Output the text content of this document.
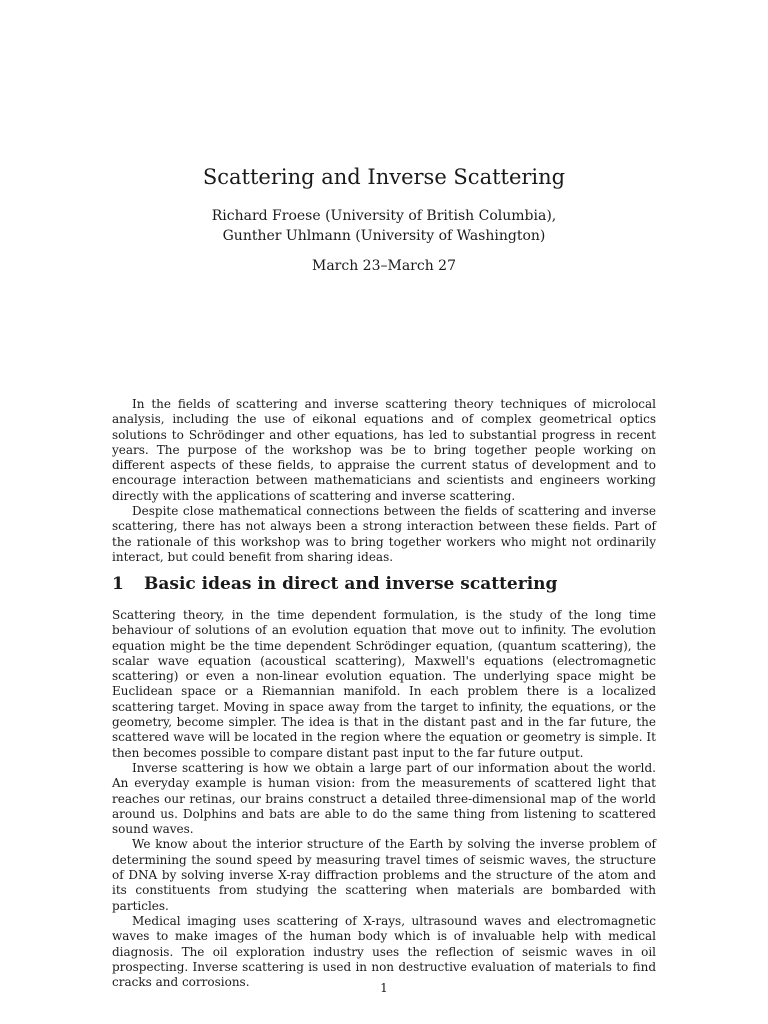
Scattering and Inverse Scattering
Richard Froese (University of British Columbia),
Gunther Uhlmann (University of Washington)
March 23–March 27

In the fields of scattering and inverse scattering theory techniques of microlocal analysis, including the use of eikonal equations and of complex geometrical optics solutions to Schrödinger and other equations, has led to substantial progress in recent years. The purpose of the workshop was be to bring together people working on different aspects of these fields, to appraise the current status of development and to encourage interaction between mathematicians and scientists and engineers working directly with the applications of scattering and inverse scattering.

Despite close mathematical connections between the fields of scattering and inverse scattering, there has not always been a strong interaction between these fields. Part of the rationale of this workshop was to bring together workers who might not ordinarily interact, but could benefit from sharing ideas.

1 Basic ideas in direct and inverse scattering

Scattering theory, in the time dependent formulation, is the study of the long time behaviour of solutions of an evolution equation that move out to infinity. The evolution equation might be the time dependent Schrödinger equation, (quantum scattering), the scalar wave equation (acoustical scattering), Maxwell's equations (electromagnetic scattering) or even a non-linear evolution equation. The underlying space might be Euclidean space or a Riemannian manifold. In each problem there is a localized scattering target. Moving in space away from the target to infinity, the equations, or the geometry, become simpler. The idea is that in the distant past and in the far future, the scattered wave will be located in the region where the equation or geometry is simple. It then becomes possible to compare distant past input to the far future output.

Inverse scattering is how we obtain a large part of our information about the world. An everyday example is human vision: from the measurements of scattered light that reaches our retinas, our brains construct a detailed three-dimensional map of the world around us. Dolphins and bats are able to do the same thing from listening to scattered sound waves.

We know about the interior structure of the Earth by solving the inverse problem of determining the sound speed by measuring travel times of seismic waves, the structure of DNA by solving inverse X-ray diffraction problems and the structure of the atom and its constituents from studying the scattering when materials are bombarded with particles.

Medical imaging uses scattering of X-rays, ultrasound waves and electromagnetic waves to make images of the human body which is of invaluable help with medical diagnosis. The oil exploration industry uses the reflection of seismic waves in oil prospecting. Inverse scattering is used in non destructive evaluation of materials to find cracks and corrosions.	1
